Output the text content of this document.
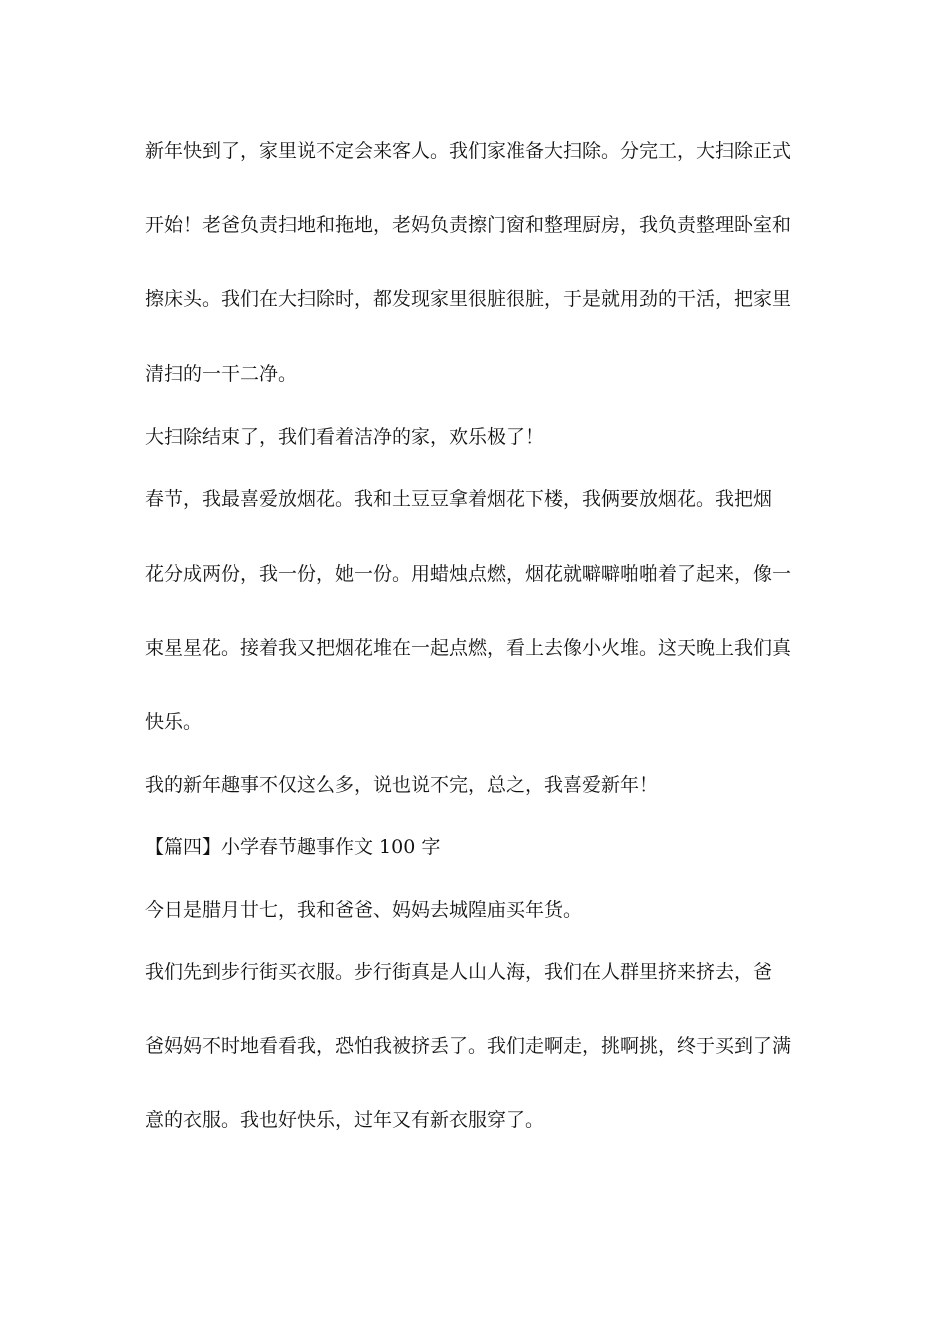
新年快到了，家里说不定会来客人。我们家准备大扫除。分完工，大扫除正式
开始！老爸负责扫地和拖地，老妈负责擦门窗和整理厨房，我负责整理卧室和
擦床头。我们在大扫除时，都发现家里很脏很脏，于是就用劲的干活，把家里
清扫的一干二净。
大扫除结束了，我们看着洁净的家，欢乐极了！
春节，我最喜爱放烟花。我和土豆豆拿着烟花下楼，我俩要放烟花。我把烟
花分成两份，我一份，她一份。用蜡烛点燃，烟花就噼噼啪啪着了起来，像一
束星星花。接着我又把烟花堆在一起点燃，看上去像小火堆。这天晚上我们真
快乐。
我的新年趣事不仅这么多，说也说不完，总之，我喜爱新年！
【篇四】小学春节趣事作文 100 字
今日是腊月廿七，我和爸爸、妈妈去城隍庙买年货。
我们先到步行街买衣服。步行街真是人山人海，我们在人群里挤来挤去，爸
爸妈妈不时地看看我，恐怕我被挤丢了。我们走啊走，挑啊挑，终于买到了满
意的衣服。我也好快乐，过年又有新衣服穿了。
